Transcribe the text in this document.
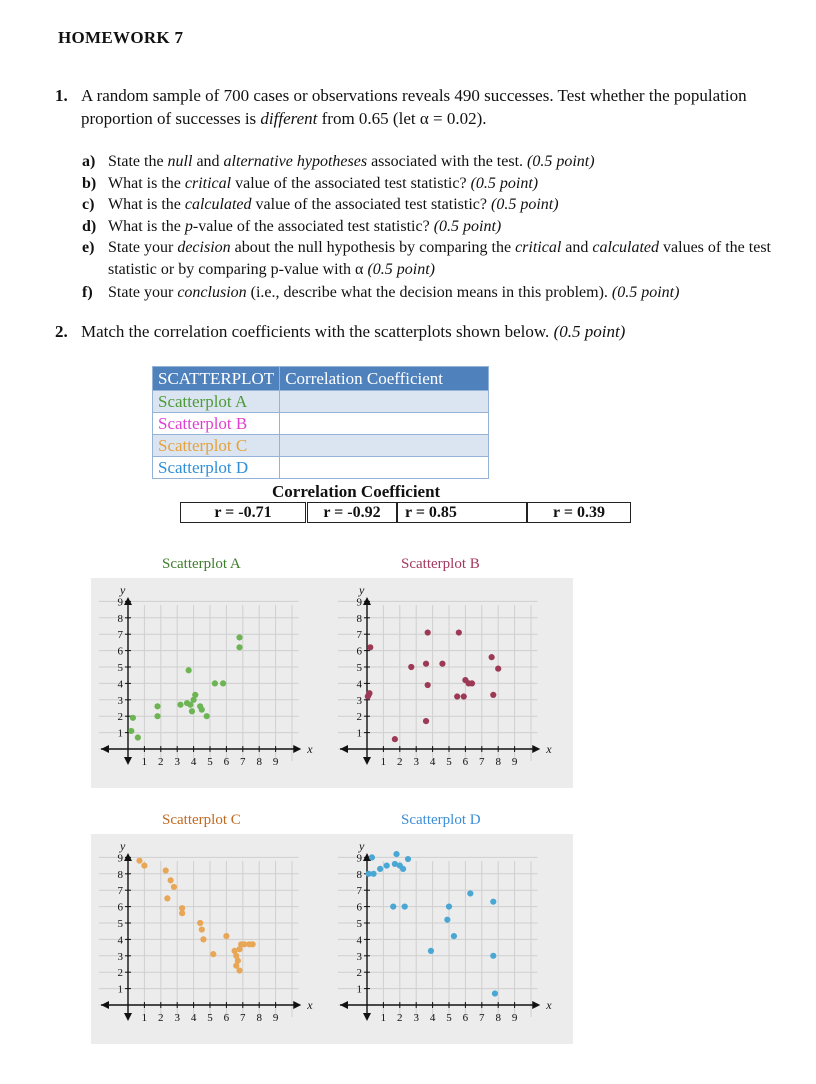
HOMEWORK 7
1. A random sample of 700 cases or observations reveals 490 successes. Test whether the population proportion of successes is different from 0.65 (let α = 0.02).
a) State the null and alternative hypotheses associated with the test. (0.5 point)
b) What is the critical value of the associated test statistic? (0.5 point)
c) What is the calculated value of the associated test statistic? (0.5 point)
d) What is the p-value of the associated test statistic? (0.5 point)
e) State your decision about the null hypothesis by comparing the critical and calculated values of the test statistic or by comparing p-value with α (0.5 point)
f) State your conclusion (i.e., describe what the decision means in this problem). (0.5 point)
2. Match the correlation coefficients with the scatterplots shown below. (0.5 point)
SCATTERPLOT	Correlation Coefficient
Scatterplot A	
Scatterplot B	
Scatterplot C	
Scatterplot D	
Correlation Coefficient
r = -0.71	r = -0.92	r = 0.85	r = 0.39
Scatterplot A	Scatterplot B
Scatterplot C	Scatterplot D
1
1
2
2
3
3
4
4
5
5
6
6
7
7
8
8
9
9
y
x
1
1
2
2
3
3
4
4
5
5
6
6
7
7
8
8
9
9
y
x
1
1
2
2
3
3
4
4
5
5
6
6
7
7
8
8
9
9
y
x
1
1
2
2
3
3
4
4
5
5
6
6
7
7
8
8
9
9
y
x
